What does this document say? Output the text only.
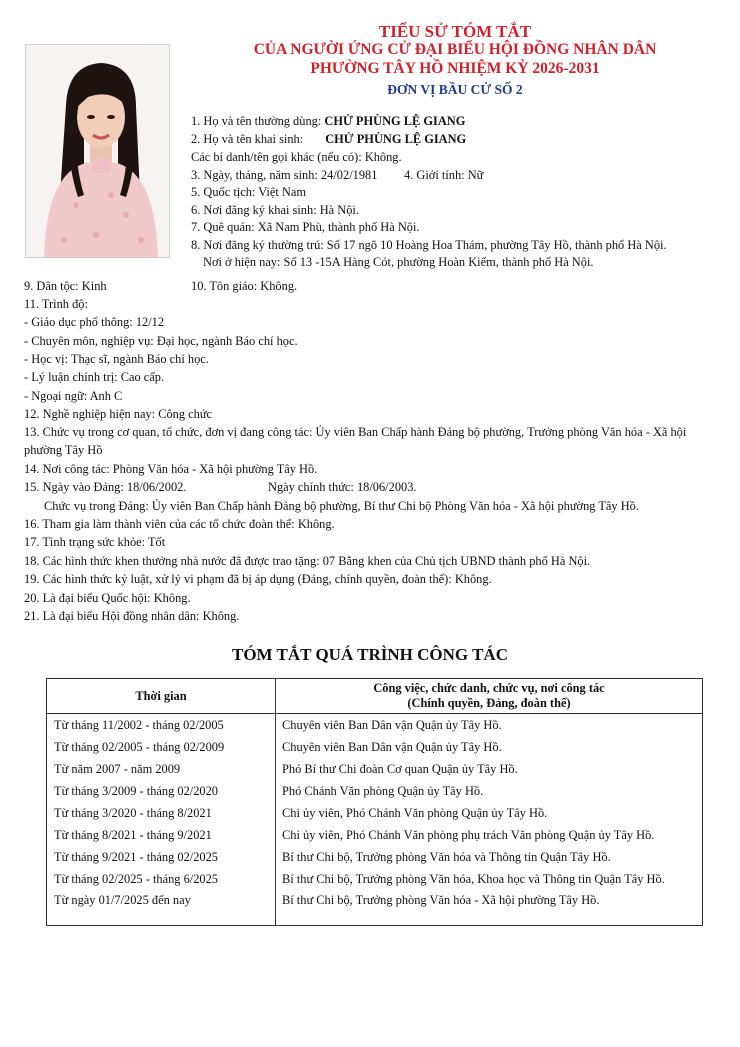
TIỂU SỬ TÓM TẮT
CỦA NGƯỜI ỨNG CỬ ĐẠI BIỂU HỘI ĐỒNG NHÂN DÂN
PHƯỜNG TÂY HỒ NHIỆM KỲ 2026-2031
ĐƠN VỊ BẦU CỬ SỐ 2
1. Họ và tên thường dùng: CHỬ PHÙNG LỆ GIANG
2. Họ và tên khai sinh: CHỬ PHÙNG LỆ GIANG
Các bí danh/tên gọi khác (nếu có): Không.
3. Ngày, tháng, năm sinh: 24/02/1981 4. Giới tính: Nữ
5. Quốc tịch: Việt Nam
6. Nơi đăng ký khai sinh: Hà Nội.
7. Quê quán: Xã Nam Phù, thành phố Hà Nội.
8. Nơi đăng ký thường trú: Số 17 ngõ 10 Hoàng Hoa Thám, phường Tây Hồ, thành phố Hà Nội.
Nơi ở hiện nay: Số 13 -15A Hàng Cót, phường Hoàn Kiếm, thành phố Hà Nội.
9. Dân tộc: Kinh	10. Tôn giáo: Không.
11. Trình độ:
- Giáo dục phổ thông: 12/12
- Chuyên môn, nghiệp vụ: Đại học, ngành Báo chí học.
- Học vị: Thạc sĩ, ngành Báo chí học.
- Lý luận chính trị: Cao cấp.
- Ngoại ngữ: Anh C
12. Nghề nghiệp hiện nay: Công chức
13. Chức vụ trong cơ quan, tổ chức, đơn vị đang công tác: Ủy viên Ban Chấp hành Đảng bộ phường, Trưởng phòng Văn hóa - Xã hội
phường Tây Hồ
14. Nơi công tác: Phòng Văn hóa - Xã hội phường Tây Hồ.
15. Ngày vào Đảng: 18/06/2002.	Ngày chính thức: 18/06/2003.
Chức vụ trong Đảng: Ủy viên Ban Chấp hành Đảng bộ phường, Bí thư Chi bộ Phòng Văn hóa - Xã hội phường Tây Hồ.
16. Tham gia làm thành viên của các tổ chức đoàn thể: Không.
17. Tình trạng sức khỏe: Tốt
18. Các hình thức khen thưởng nhà nước đã được trao tặng: 07 Bằng khen của Chủ tịch UBND thành phố Hà Nội.
19. Các hình thức kỷ luật, xử lý vi phạm đã bị áp dụng (Đảng, chính quyền, đoàn thể): Không.
20. Là đại biểu Quốc hội: Không.
21. Là đại biểu Hội đồng nhân dân: Không.
TÓM TẮT QUÁ TRÌNH CÔNG TÁC
Thời gian	Công việc, chức danh, chức vụ, nơi công tác
(Chính quyền, Đảng, đoàn thể)

Từ tháng 11/2002 - tháng 02/2005	Chuyên viên Ban Dân vận Quận ủy Tây Hồ.
Từ tháng 02/2005 - tháng 02/2009	Chuyên viên Ban Dân vận Quận ủy Tây Hồ.
Từ năm 2007 - năm 2009	Phó Bí thư Chi đoàn Cơ quan Quận ủy Tây Hồ.
Từ tháng 3/2009 - tháng 02/2020	Phó Chánh Văn phòng Quận ủy Tây Hồ.
Từ tháng 3/2020 - tháng 8/2021	Chi ủy viên, Phó Chánh Văn phòng Quận ủy Tây Hồ.
Từ tháng 8/2021 - tháng 9/2021	Chi ủy viên, Phó Chánh Văn phòng phụ trách Văn phòng Quận ủy Tây Hồ.
Từ tháng 9/2021 - tháng 02/2025	Bí thư Chi bộ, Trưởng phòng Văn hóa và Thông tin Quận Tây Hồ.
Từ tháng 02/2025 - tháng 6/2025	Bí thư Chi bộ, Trưởng phòng Văn hóa, Khoa học và Thông tin Quận Tây Hồ.
Từ ngày 01/7/2025 đến nay	Bí thư Chi bộ, Trưởng phòng Văn hóa - Xã hội phường Tây Hồ.
